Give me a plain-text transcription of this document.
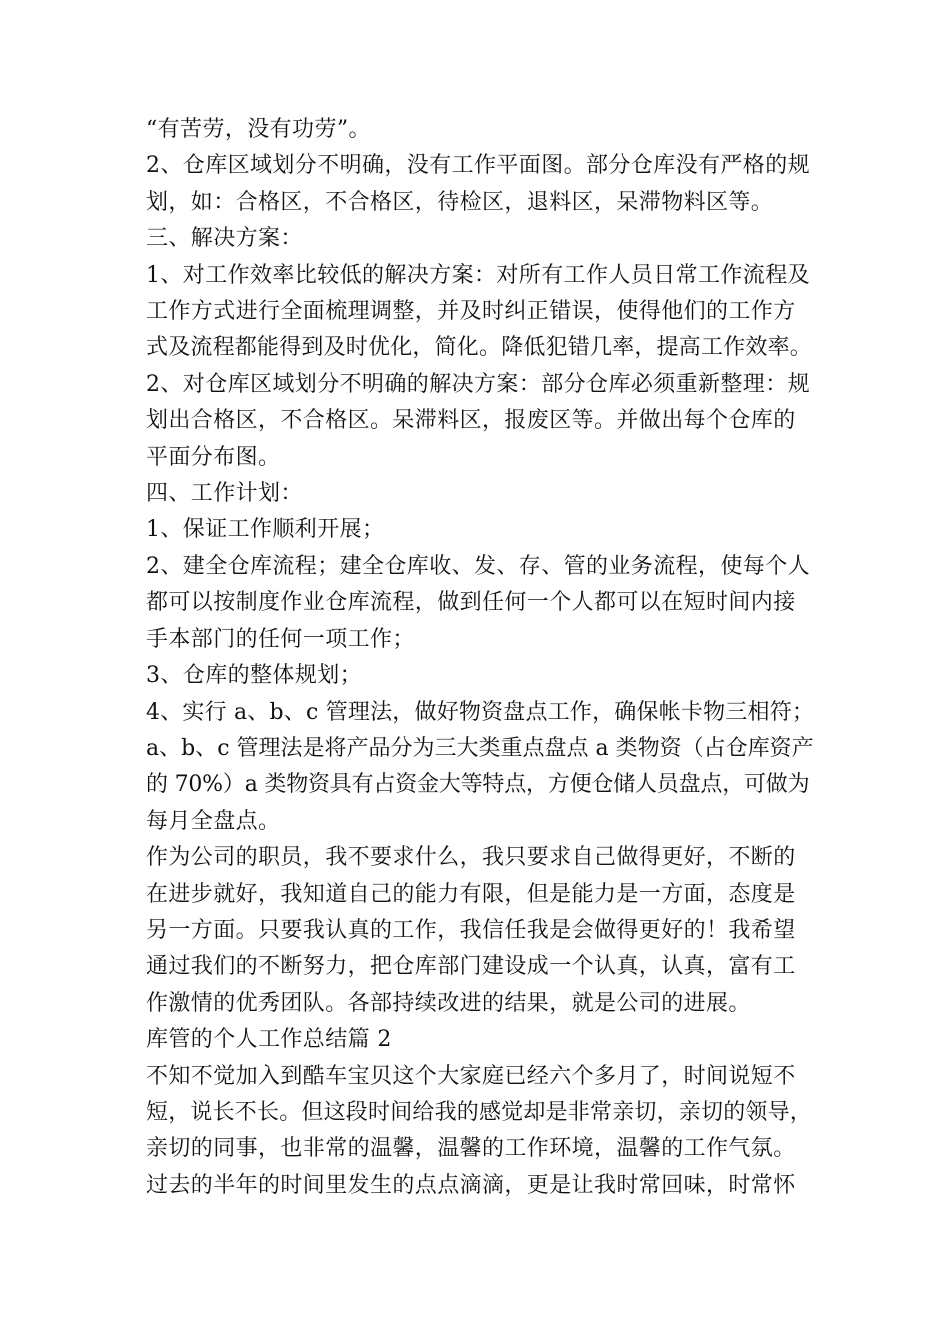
“有苦劳，没有功劳”。
2、仓库区域划分不明确，没有工作平面图。部分仓库没有严格的规
划，如：合格区，不合格区，待检区，退料区，呆滞物料区等。
三、解决方案：
1、对工作效率比较低的解决方案：对所有工作人员日常工作流程及
工作方式进行全面梳理调整，并及时纠正错误，使得他们的工作方
式及流程都能得到及时优化，简化。降低犯错几率，提高工作效率。
2、对仓库区域划分不明确的解决方案：部分仓库必须重新整理：规
划出合格区，不合格区。呆滞料区，报废区等。并做出每个仓库的
平面分布图。
四、工作计划：
1、保证工作顺利开展；
2、建全仓库流程；建全仓库收、发、存、管的业务流程，使每个人
都可以按制度作业仓库流程，做到任何一个人都可以在短时间内接
手本部门的任何一项工作；
3、仓库的整体规划；
4、实行 a、b、c 管理法，做好物资盘点工作，确保帐卡物三相符；
a、b、c 管理法是将产品分为三大类重点盘点 a 类物资（占仓库资产
的 70%）a 类物资具有占资金大等特点，方便仓储人员盘点，可做为
每月全盘点。
作为公司的职员，我不要求什么，我只要求自己做得更好，不断的
在进步就好，我知道自己的能力有限，但是能力是一方面，态度是
另一方面。只要我认真的工作，我信任我是会做得更好的！我希望
通过我们的不断努力，把仓库部门建设成一个认真，认真，富有工
作激情的优秀团队。各部持续改进的结果，就是公司的进展。
库管的个人工作总结篇 2
不知不觉加入到酷车宝贝这个大家庭已经六个多月了，时间说短不
短，说长不长。但这段时间给我的感觉却是非常亲切，亲切的领导，
亲切的同事，也非常的温馨，温馨的工作环境，温馨的工作气氛。
过去的半年的时间里发生的点点滴滴，更是让我时常回味，时常怀
